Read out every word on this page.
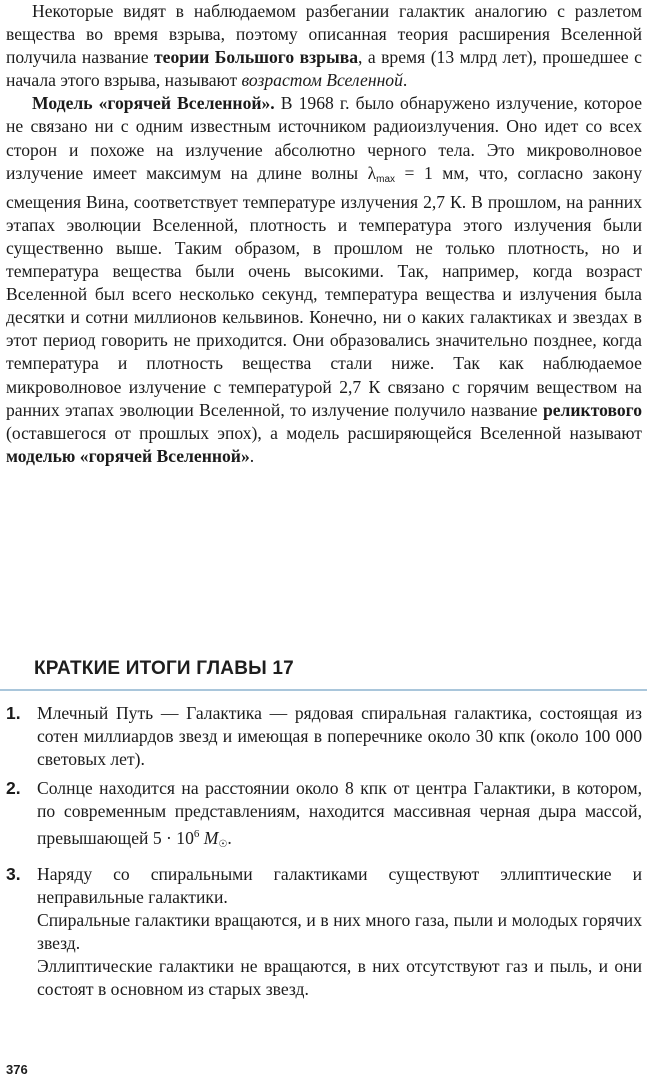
Некоторые видят в наблюдаемом разбегании галактик аналогию с разлетом вещества во время взрыва, поэтому описанная теория расширения Вселенной получила название теории Большого взрыва, а время (13 млрд лет), прошедшее с начала этого взрыва, называют возрастом Вселенной.

Модель «горячей Вселенной». В 1968 г. было обнаружено излучение, которое не связано ни с одним известным источником радиоизлучения. Оно идет со всех сторон и похоже на излучение абсолютно черного тела. Это микроволновое излучение имеет максимум на длине волны $\lambda_{max} = 1$ мм, что, согласно закону смещения Вина, соответствует температуре излучения 2,7 К. В прошлом, на ранних этапах эволюции Вселенной, плотность и температура этого излучения были существенно выше. Таким образом, в прошлом не только плотность, но и температура вещества были очень высокими. Так, например, когда возраст Вселенной был всего несколько секунд, температура вещества и излучения была десятки и сотни миллионов кельвинов. Конечно, ни о каких галактиках и звездах в этот период говорить не приходится. Они образовались значительно позднее, когда температура и плотность вещества стали ниже. Так как наблюдаемое микроволновое излучение с температурой 2,7 К связано с горячим веществом на ранних этапах эволюции Вселенной, то излучение получило название реликтового (оставшегося от прошлых эпох), а модель расширяющейся Вселенной называют моделью «горячей Вселенной».

КРАТКИЕ ИТОГИ ГЛАВЫ 17
1. Млечный Путь — Галактика — рядовая спиральная галактика, состоящая из сотен миллиардов звезд и имеющая в поперечнике около 30 кпк (около 100 000 световых лет).
2. Солнце находится на расстоянии около 8 кпк от центра Галактики, в котором, по современным представлениям, находится массивная черная дыра массой, превышающей $5 \cdot 10^6$ M☉.
3. Наряду со спиральными галактиками существуют эллиптические и неправильные галактики.

Спиральные галактики вращаются, и в них много газа, пыли и молодых горячих звезд.

Эллиптические галактики не вращаются, в них отсутствуют газ и пыль, и они состоят в основном из старых звезд.

376
